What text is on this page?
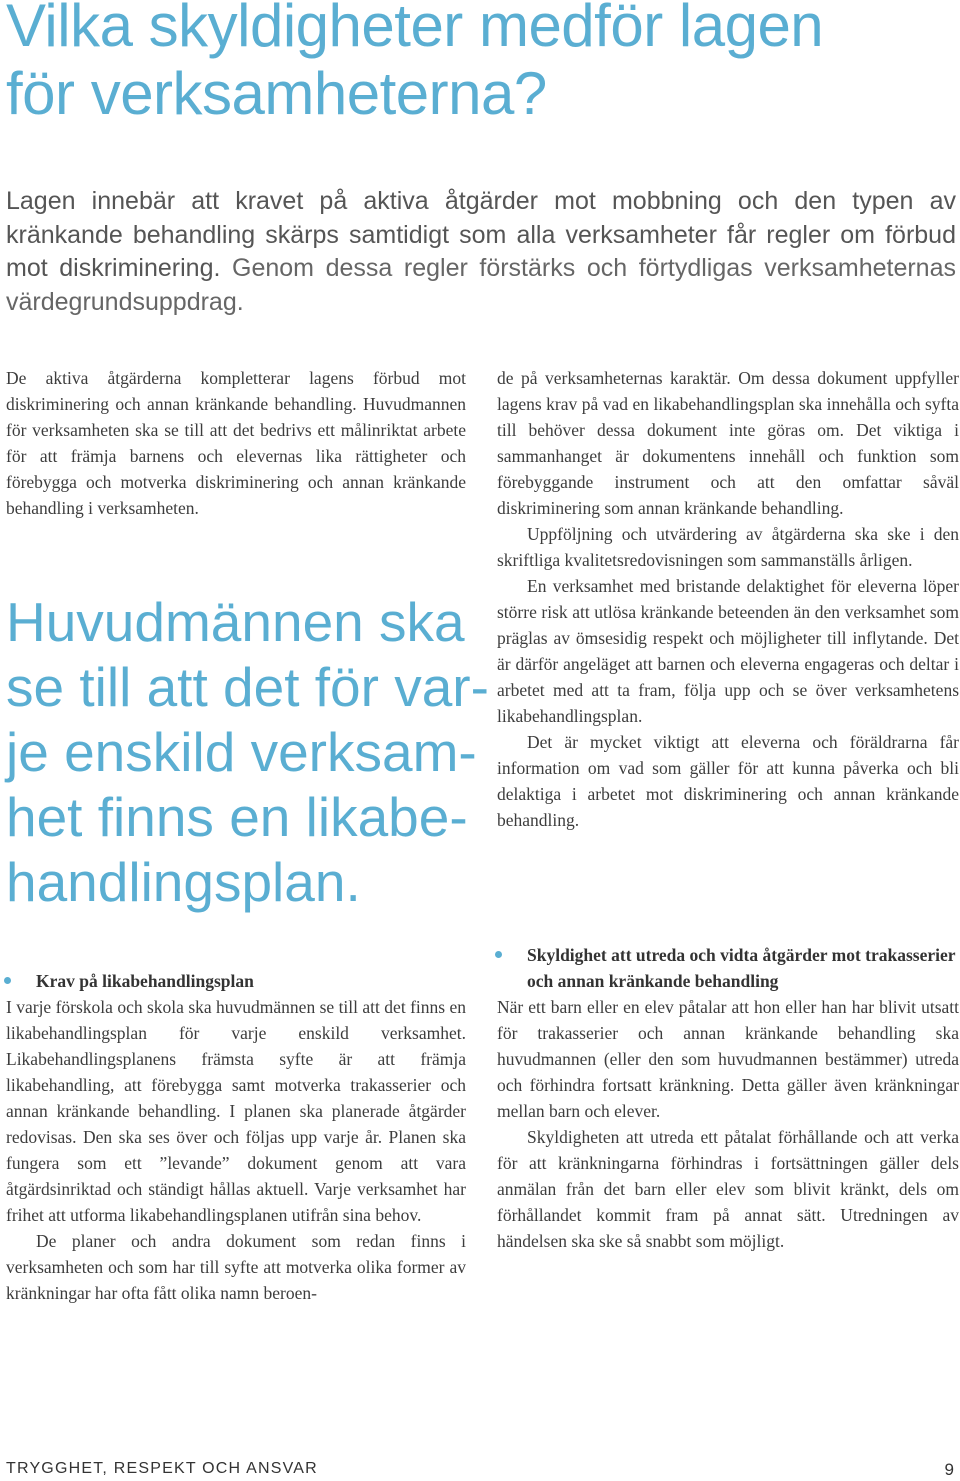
Vilka skyldigheter medför lagen
för verksamheterna?
Lagen innebär att kravet på aktiva åtgärder mot mobbning och den typen av kränkande behandling skärps samtidigt som alla verksamheter får regler om förbud mot diskriminering. Genom dessa regler förstärks och förtydligas verksamheternas värdegrundsuppdrag.

De aktiva åtgärderna kompletterar lagens förbud mot diskriminering och annan kränkande behandling. Huvudmannen för verksamheten ska se till att det bedrivs ett målinriktat arbete för att främja barnens och elevernas lika rättigheter och förebygga och motverka diskriminering och annan kränkande behandling i verksamheten.

Huvudmännen ska
se till att det för var-
je enskild verksam-
het finns en likabe-
handlingsplan.

de på verksamheternas karaktär. Om dessa dokument uppfyller lagens krav på vad en likabehandlingsplan ska innehålla och syfta till behöver dessa dokument inte göras om. Det viktiga i sammanhanget är dokumentens innehåll och funktion som förebyggande instrument och att den omfattar såväl diskriminering som annan kränkande behandling.

Uppföljning och utvärdering av åtgärderna ska ske i den skriftliga kvalitetsredovisningen som sammanställs årligen.

En verksamhet med bristande delaktighet för eleverna löper större risk att utlösa kränkande beteenden än den verksamhet som präglas av ömsesidig respekt och möjligheter till inflytande. Det är därför angeläget att barnen och eleverna engageras och deltar i arbetet med att ta fram, följa upp och se över verksamhetens likabehandlingsplan.

Det är mycket viktigt att eleverna och föräldrarna får information om vad som gäller för att kunna påverka och bli delaktiga i arbetet mot diskriminering och annan kränkande behandling.

Krav på likabehandlingsplan

I varje förskola och skola ska huvudmännen se till att det finns en likabehandlingsplan för varje enskild verksamhet. Likabehandlingsplanens främsta syfte är att främja likabehandling, att förebygga samt motverka trakasserier och annan kränkande behandling. I planen ska planerade åtgärder redovisas. Den ska ses över och följas upp varje år. Planen ska fungera som ett ”levande” dokument genom att vara åtgärdsinriktad och ständigt hållas aktuell. Varje verksamhet har frihet att utforma likabehandlingsplanen utifrån sina behov.

De planer och andra dokument som redan finns i verksamheten och som har till syfte att motverka olika former av kränkningar har ofta fått olika namn beroen-

Skyldighet att utreda och vidta åtgärder mot trakasserier och annan kränkande behandling

När ett barn eller en elev påtalar att hon eller han har blivit utsatt för trakasserier och annan kränkande behandling ska huvudmannen (eller den som huvudmannen bestämmer) utreda och förhindra fortsatt kränkning. Detta gäller även kränkningar mellan barn och elever.

Skyldigheten att utreda ett påtalat förhållande och att verka för att kränkningarna förhindras i fortsättningen gäller dels anmälan från det barn eller elev som blivit kränkt, dels om förhållandet kommit fram på annat sätt. Utredningen av händelsen ska ske så snabbt som möjligt.

TRYGGHET, RESPEKT OCH ANSVAR	9
